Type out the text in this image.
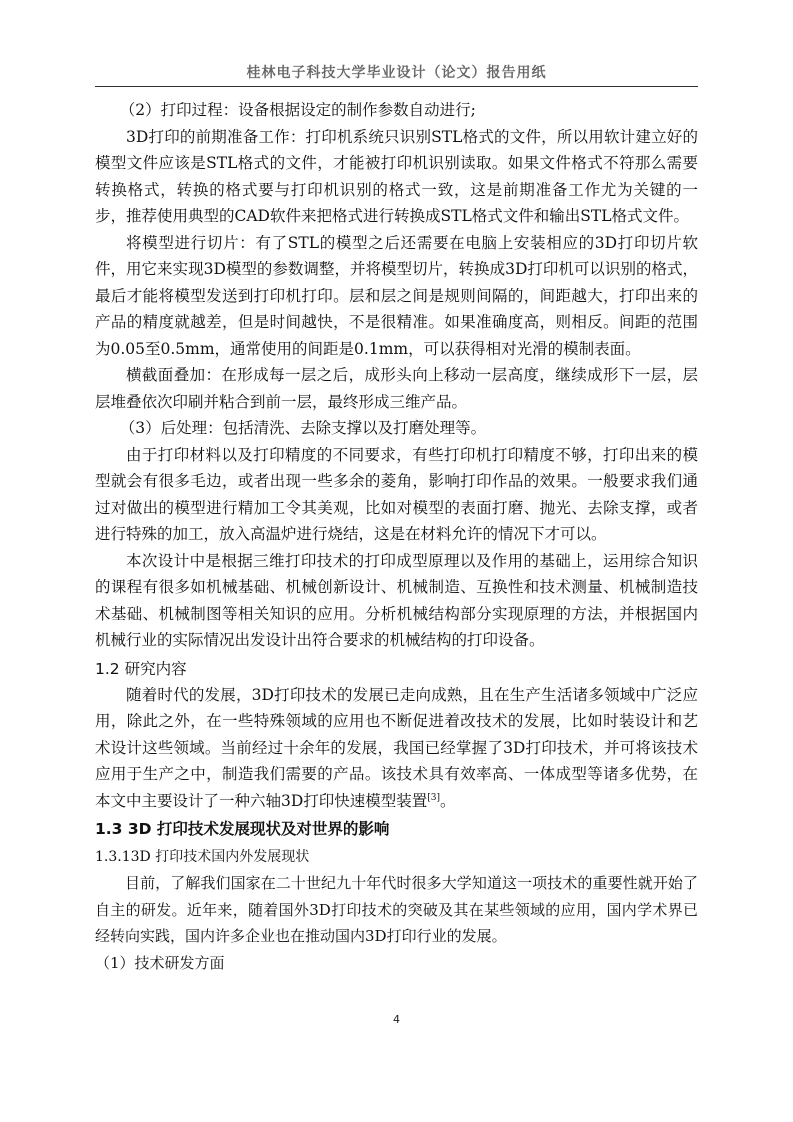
桂林电子科技大学毕业设计（论文）报告用纸

（2）打印过程：设备根据设定的制作参数自动进行;

3D打印的前期准备工作：打印机系统只识别STL格式的文件，所以用软计建立好的模型文件应该是STL格式的文件，才能被打印机识别读取。如果文件格式不符那么需要转换格式，转换的格式要与打印机识别的格式一致，这是前期准备工作尤为关键的一步，推荐使用典型的CAD软件来把格式进行转换成STL格式文件和输出STL格式文件。

将模型进行切片：有了STL的模型之后还需要在电脑上安装相应的3D打印切片软件，用它来实现3D模型的参数调整，并将模型切片，转换成3D打印机可以识别的格式，最后才能将模型发送到打印机打印。层和层之间是规则间隔的，间距越大，打印出来的产品的精度就越差，但是时间越快，不是很精准。如果准确度高，则相反。间距的范围为0.05至0.5mm，通常使用的间距是0.1mm，可以获得相对光滑的模制表面。

横截面叠加：在形成每一层之后，成形头向上移动一层高度，继续成形下一层，层层堆叠依次印刷并粘合到前一层，最终形成三维产品。

（3）后处理：包括清洗、去除支撑以及打磨处理等。

由于打印材料以及打印精度的不同要求，有些打印机打印精度不够，打印出来的模型就会有很多毛边，或者出现一些多余的菱角，影响打印作品的效果。一般要求我们通过对做出的模型进行精加工令其美观，比如对模型的表面打磨、抛光、去除支撑，或者进行特殊的加工，放入高温炉进行烧结，这是在材料允许的情况下才可以。

本次设计中是根据三维打印技术的打印成型原理以及作用的基础上，运用综合知识的课程有很多如机械基础、机械创新设计、机械制造、互换性和技术测量、机械制造技术基础、机械制图等相关知识的应用。分析机械结构部分实现原理的方法，并根据国内机械行业的实际情况出发设计出符合要求的机械结构的打印设备。

1.2 研究内容

随着时代的发展，3D打印技术的发展已走向成熟，且在生产生活诸多领域中广泛应用，除此之外，在一些特殊领域的应用也不断促进着改技术的发展，比如时装设计和艺术设计这些领域。当前经过十余年的发展，我国已经掌握了3D打印技术，并可将该技术应用于生产之中，制造我们需要的产品。该技术具有效率高、一体成型等诸多优势，在本文中主要设计了一种六轴3D打印快速模型装置[3]。

1.3 3D 打印技术发展现状及对世界的影响
1.3.13D 打印技术国内外发展现状

目前，了解我们国家在二十世纪九十年代时很多大学知道这一项技术的重要性就开始了自主的研发。近年来，随着国外3D打印技术的突破及其在某些领域的应用，国内学术界已经转向实践，国内许多企业也在推动国内3D打印行业的发展。

（1）技术研发方面

4
